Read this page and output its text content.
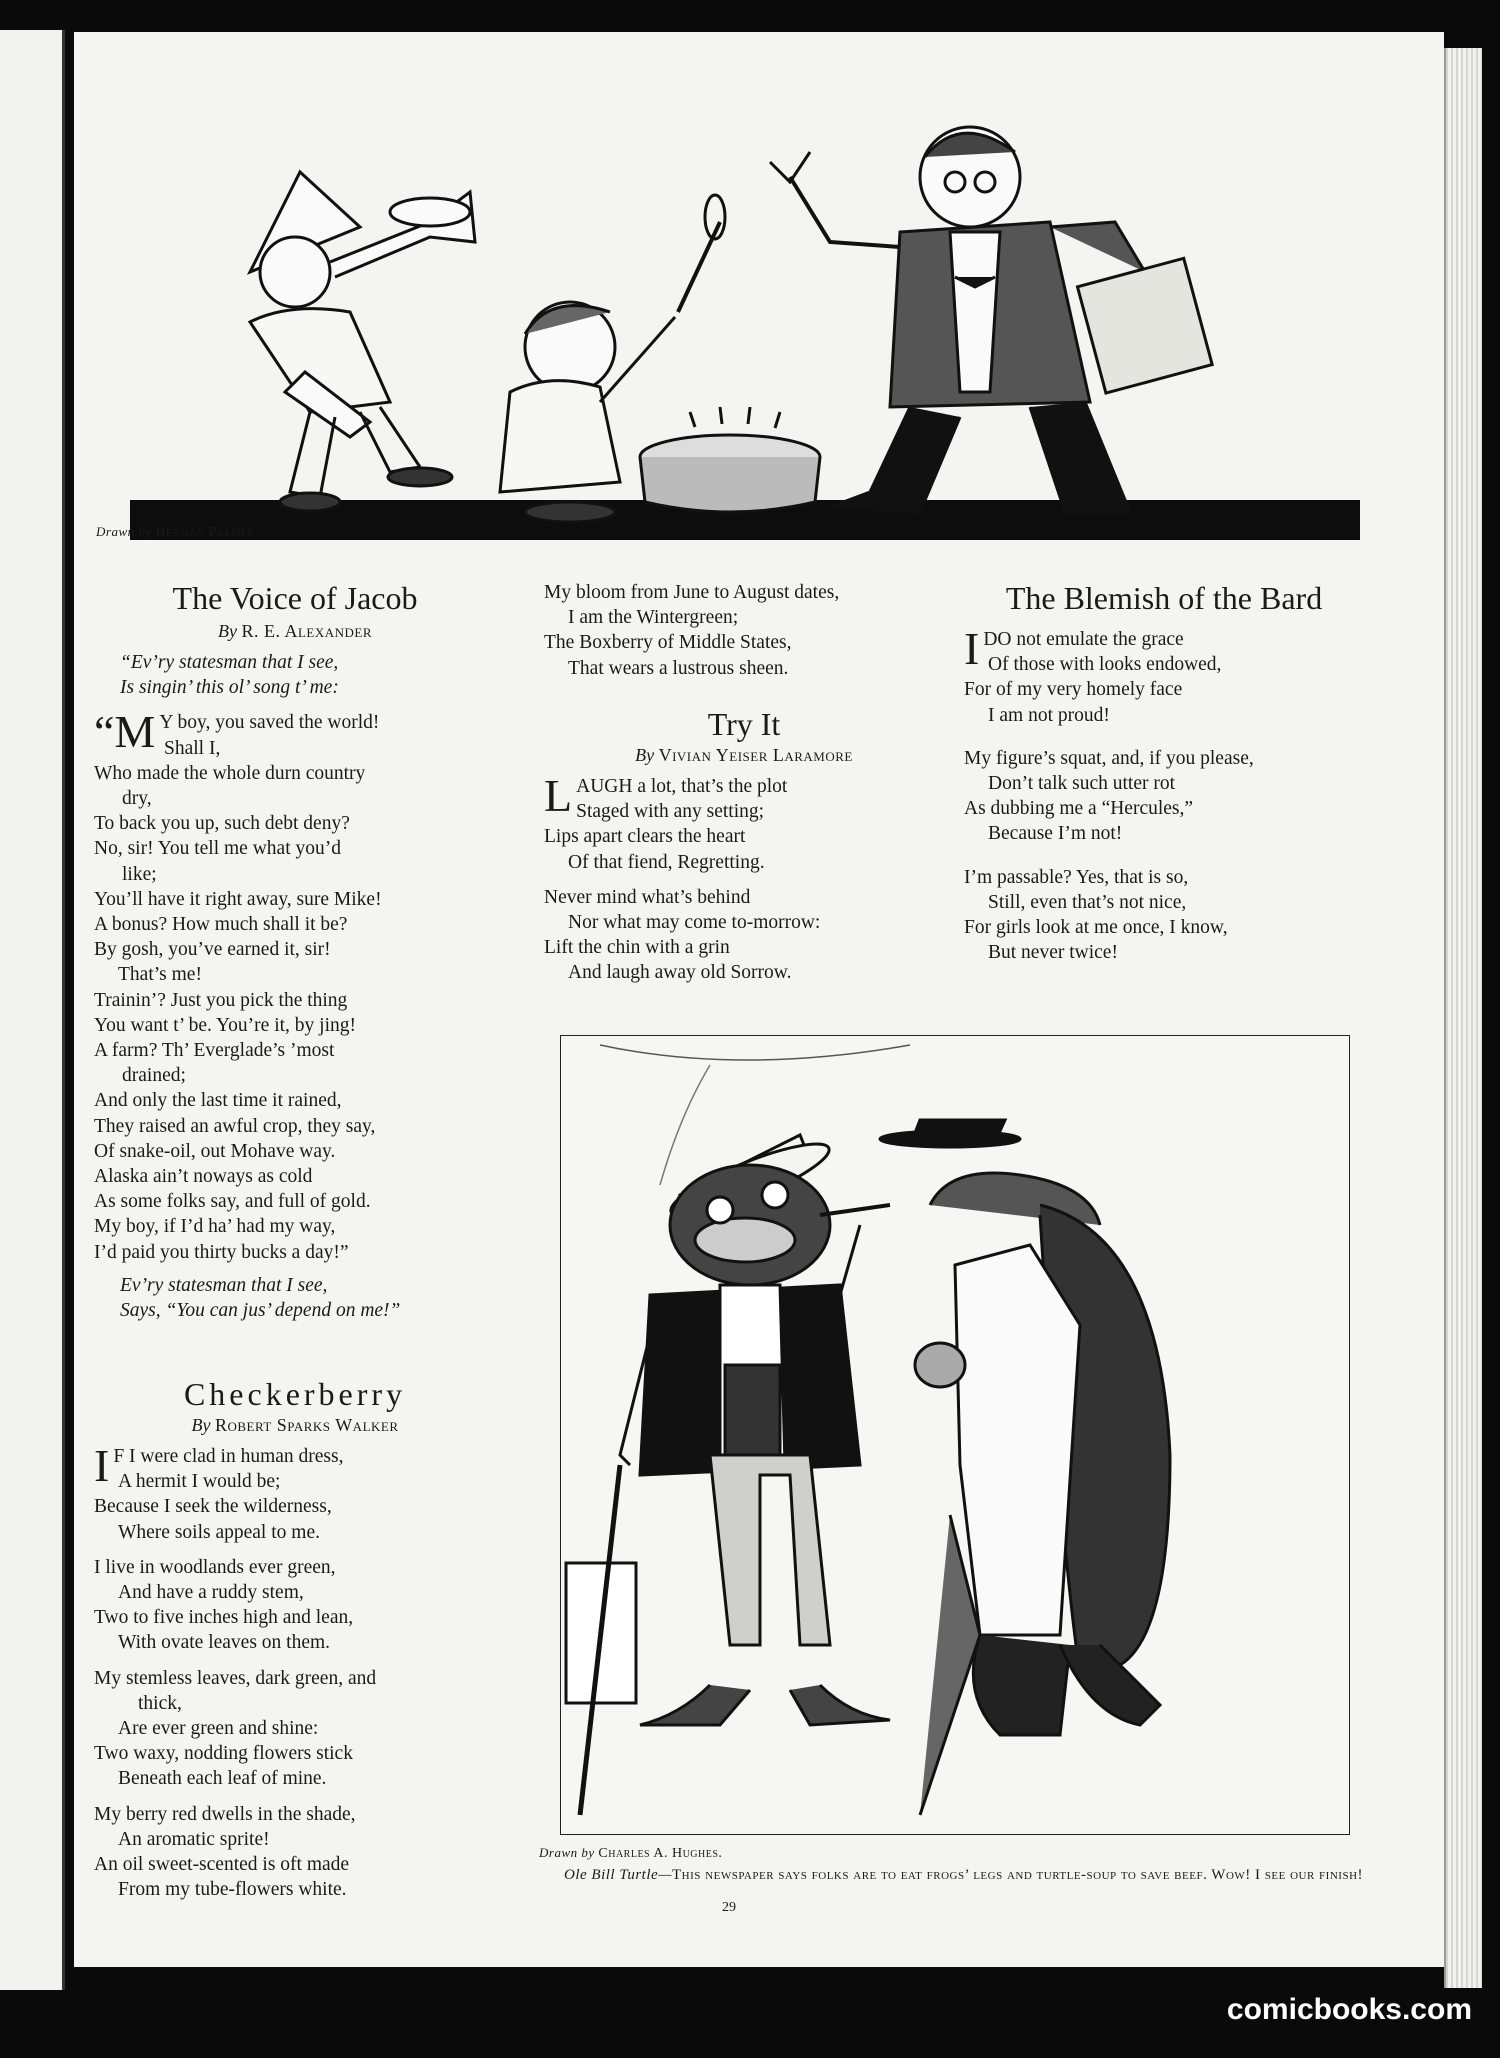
Drawn by Herman Palmer.
The Voice of Jacob
By R. E. Alexander
“Ev’ry statesman that I see,
Is singin’ this ol’ song t’ me:
“M Y boy, you saved the world!
Shall I,
Who made the whole durn country
dry,
To back you up, such debt deny?
No, sir! You tell me what you’d
like;
You’ll have it right away, sure Mike!
A bonus? How much shall it be?
By gosh, you’ve earned it, sir!
That’s me!
Trainin’? Just you pick the thing
You want t’ be. You’re it, by jing!
A farm? Th’ Everglade’s ’most
drained;
And only the last time it rained,
They raised an awful crop, they say,
Of snake-oil, out Mohave way.
Alaska ain’t noways as cold
As some folks say, and full of gold.
My boy, if I’d ha’ had my way,
I’d paid you thirty bucks a day!”
Ev’ry statesman that I see,
Says, “You can jus’ depend on me!”
Checkerberry
By Robert Sparks Walker
I F I were clad in human dress,
A hermit I would be;
Because I seek the wilderness,
Where soils appeal to me.
I live in woodlands ever green,
And have a ruddy stem,
Two to five inches high and lean,
With ovate leaves on them.
My stemless leaves, dark green, and
thick,
Are ever green and shine:
Two waxy, nodding flowers stick
Beneath each leaf of mine.
My berry red dwells in the shade,
An aromatic sprite!
An oil sweet-scented is oft made
From my tube-flowers white.
My bloom from June to August dates,
I am the Wintergreen;
The Boxberry of Middle States,
That wears a lustrous sheen.
Try It
By Vivian Yeiser Laramore
L AUGH a lot, that’s the plot
Staged with any setting;
Lips apart clears the heart
Of that fiend, Regretting.
Never mind what’s behind
Nor what may come to-morrow:
Lift the chin with a grin
And laugh away old Sorrow.
The Blemish of the Bard
I DO not emulate the grace
Of those with looks endowed,
For of my very homely face
I am not proud!
My figure’s squat, and, if you please,
Don’t talk such utter rot
As dubbing me a “Hercules,”
Because I’m not!
I’m passable? Yes, that is so,
Still, even that’s not nice,
For girls look at me once, I know,
But never twice!
Drawn by Charles A. Hughes.
Ole Bill Turtle—This newspaper says folks are to eat frogs’ legs and turtle-soup to save beef. Wow! I see our finish!
29
comicbooks.com
